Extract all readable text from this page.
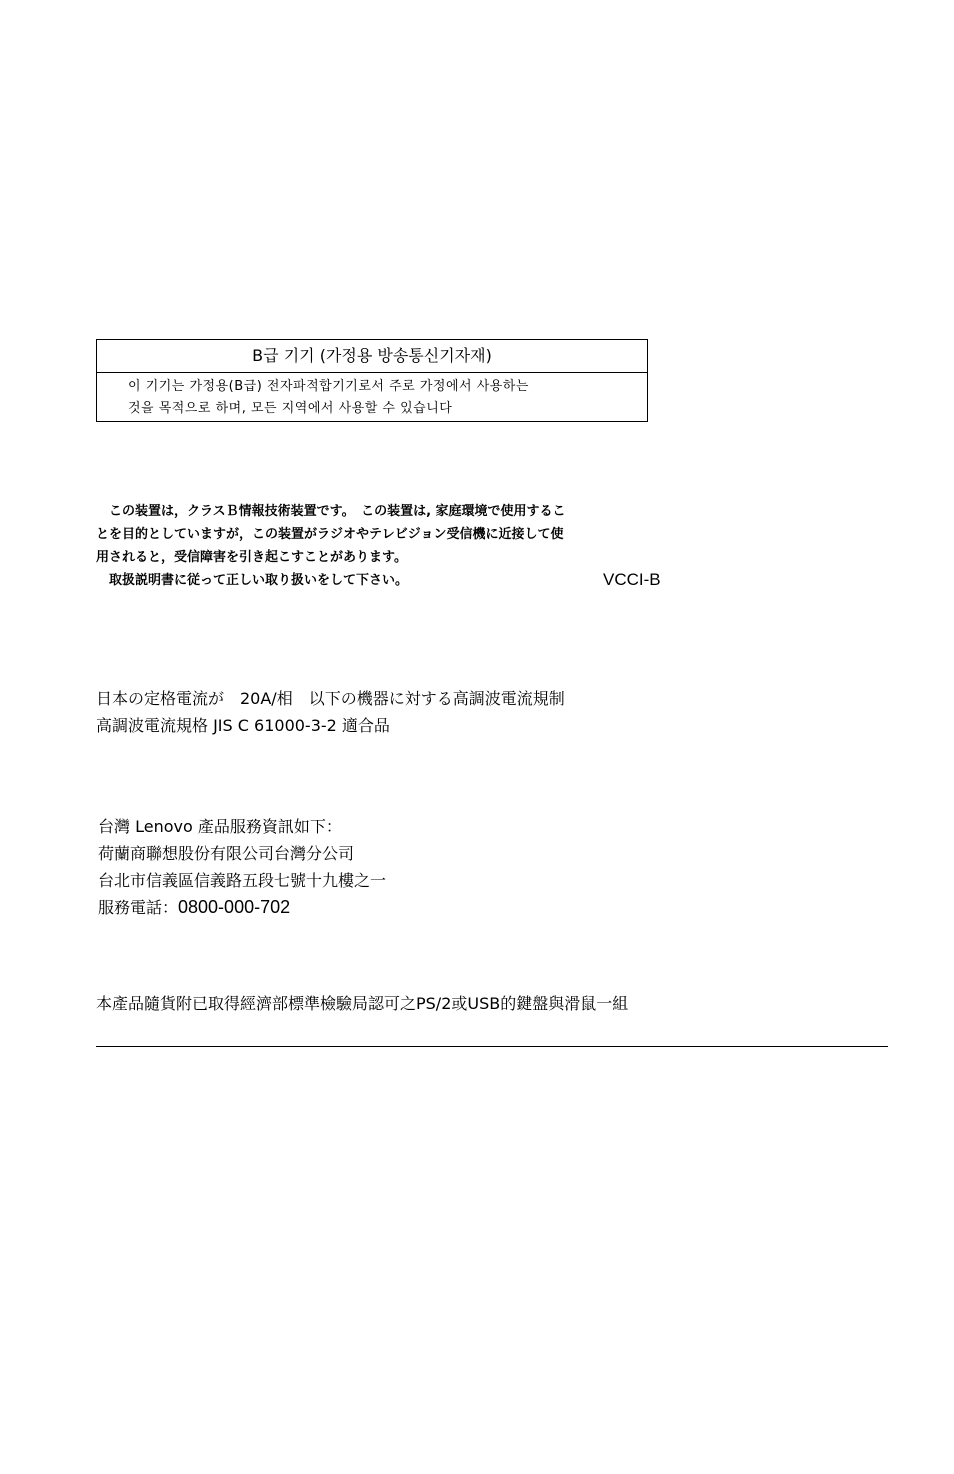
B급 기기 (가정용 방송통신기자재)
이 기기는 가정용(B급) 전자파적합기기로서 주로 가정에서 사용하는
것을 목적으로 하며, 모든 지역에서 사용할 수 있습니다
　この装置は，クラスＢ情報技術装置です。　この装置は, 家庭環境で使用するこ
とを目的としていますが，この装置がラジオやテレビジョン受信機に近接して使
用されると，受信障害を引き起こすことがあります。
　取扱説明書に従って正しい取り扱いをして下さい。	VCCI-B
日本の定格電流が　20A/相　以下の機器に対する高調波電流規制
高調波電流規格 JIS C 61000-3-2 適合品
台灣 Lenovo 產品服務資訊如下：
荷蘭商聯想股份有限公司台灣分公司
台北市信義區信義路五段七號十九樓之一
服務電話：0800-000-702
本產品隨貨附已取得經濟部標準檢驗局認可之PS/2或USB的鍵盤與滑鼠一組
